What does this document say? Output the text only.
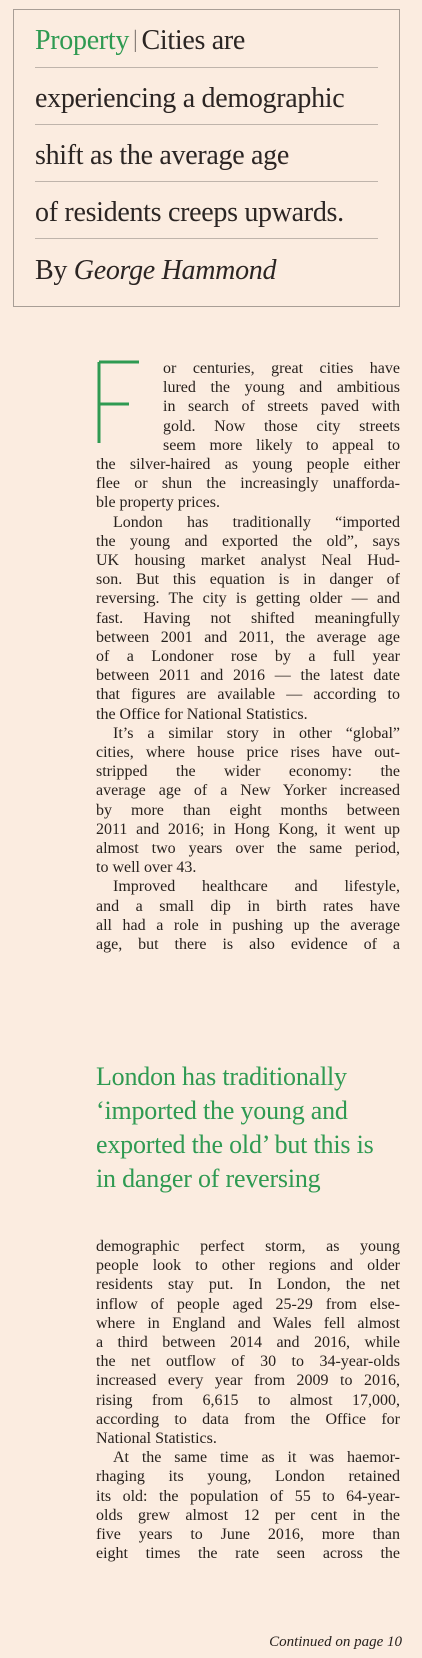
Property | Cities are
experiencing a demographic
shift as the average age
of residents creeps upwards.
By George Hammond
F	or centuries, great cities have
lured the young and ambitious
in search of streets paved with
gold. Now those city streets
seem more likely to appeal to
the silver-haired as young people either
flee or shun the increasingly unafforda-
ble property prices.
London has traditionally “imported
the young and exported the old”, says
UK housing market analyst Neal Hud-
son. But this equation is in danger of
reversing. The city is getting older — and
fast. Having not shifted meaningfully
between 2001 and 2011, the average age
of a Londoner rose by a full year
between 2011 and 2016 — the latest date
that figures are available — according to
the Office for National Statistics.
It’s a similar story in other “global”
cities, where house price rises have out-
stripped the wider economy: the
average age of a New Yorker increased
by more than eight months between
2011 and 2016; in Hong Kong, it went up
almost two years over the same period,
to well over 43.
Improved healthcare and lifestyle,
and a small dip in birth rates have
all had a role in pushing up the average
age, but there is also evidence of a
London has traditionally
‘imported the young and
exported the old’ but this is
in danger of reversing
demographic perfect storm, as young
people look to other regions and older
residents stay put. In London, the net
inflow of people aged 25-29 from else-
where in England and Wales fell almost
a third between 2014 and 2016, while
the net outflow of 30 to 34-year-olds
increased every year from 2009 to 2016,
rising from 6,615 to almost 17,000,
according to data from the Office for
National Statistics.
At the same time as it was haemor-
rhaging its young, London retained
its old: the population of 55 to 64-year-
olds grew almost 12 per cent in the
five years to June 2016, more than
eight times the rate seen across the
Continued on page 10
